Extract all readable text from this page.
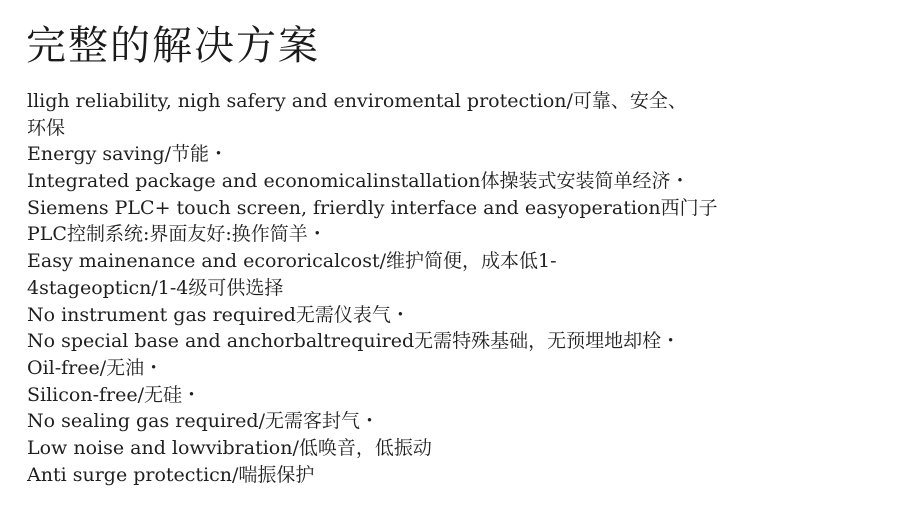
完整的解决方案
lligh reliability, nigh safery and enviromental protection/可靠、安全、
环保
Energy saving/节能・
Integrated package and economicalinstallation体操装式安装简单经济・
Siemens PLC+ touch screen, frierdly interface and easyoperation西门子
PLC控制系统:界面友好:换作简羊・
Easy mainenance and ecororicalcost/维护简便，成本低1-
4stageopticn/1-4级可供选择
No instrument gas required无需仪表气・
No special base and anchorbaltrequired无需特殊基础，无预埋地却栓・
Oil-free/无油・
Silicon-free/无硅・
No sealing gas required/无需客封气・
Low noise and lowvibration/低唤音，低振动
Anti surge protecticn/喘振保护
